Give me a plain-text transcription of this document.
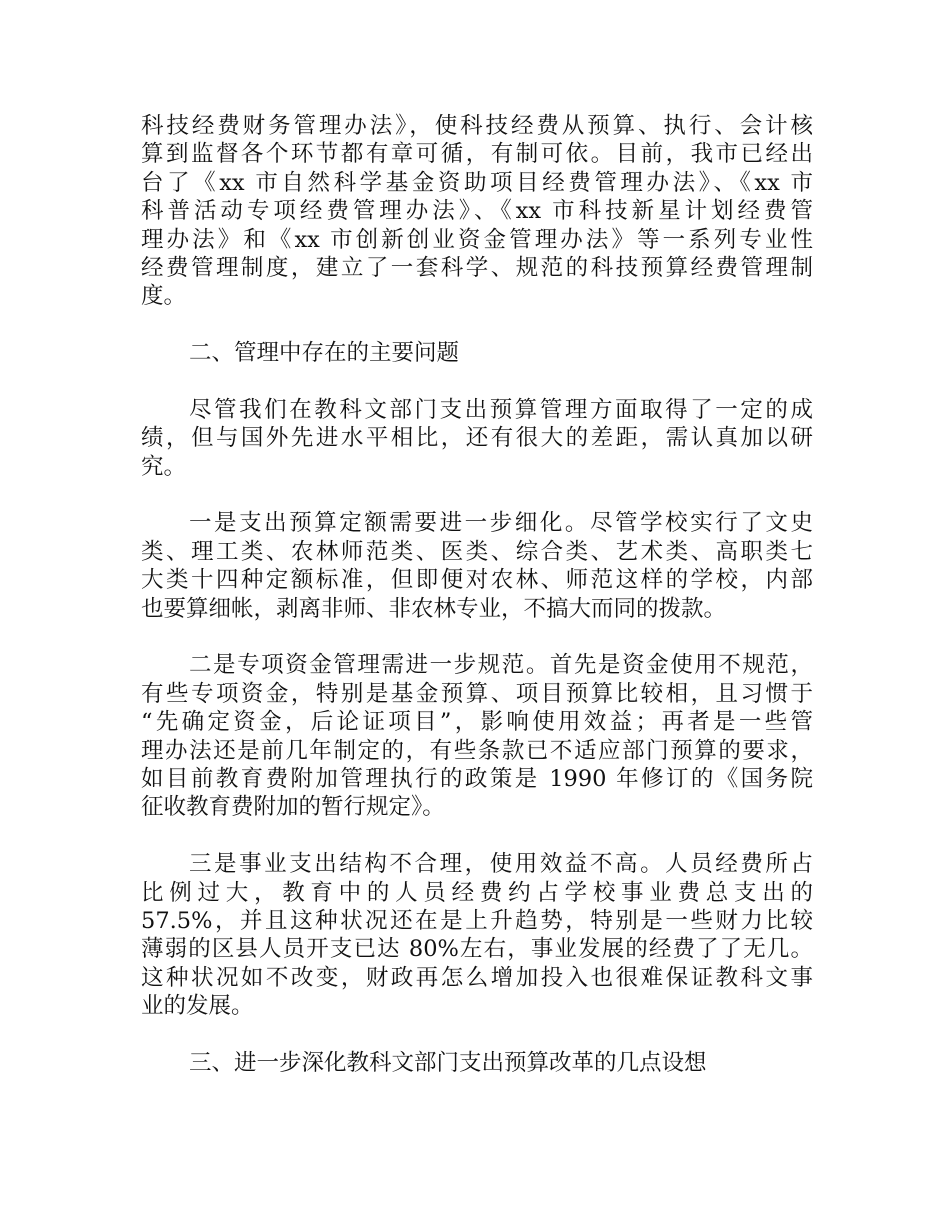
科技经费财务管理办法》，使科技经费从预算、执行、会计核
算到监督各个环节都有章可循，有制可依。目前，我市已经出
台了《xx 市自然科学基金资助项目经费管理办法》、《xx 市
科普活动专项经费管理办法》、《xx 市科技新星计划经费管
理办法》和《xx 市创新创业资金管理办法》等一系列专业性
经费管理制度，建立了一套科学、规范的科技预算经费管理制
度。
二、管理中存在的主要问题
尽管我们在教科文部门支出预算管理方面取得了一定的成
绩，但与国外先进水平相比，还有很大的差距，需认真加以研
究。
一是支出预算定额需要进一步细化。尽管学校实行了文史
类、理工类、农林师范类、医类、综合类、艺术类、高职类七
大类十四种定额标准，但即便对农林、师范这样的学校，内部
也要算细帐，剥离非师、非农林专业，不搞大而同的拨款。
二是专项资金管理需进一步规范。首先是资金使用不规范，
有些专项资金，特别是基金预算、项目预算比较相，且习惯于
“先确定资金，后论证项目”，影响使用效益；再者是一些管
理办法还是前几年制定的，有些条款已不适应部门预算的要求，
如目前教育费附加管理执行的政策是 1990 年修订的《国务院
征收教育费附加的暂行规定》。
三是事业支出结构不合理，使用效益不高。人员经费所占
比例过大，教育中的人员经费约占学校事业费总支出的
57.5%，并且这种状况还在是上升趋势，特别是一些财力比较
薄弱的区县人员开支已达 80%左右，事业发展的经费了了无几。
这种状况如不改变，财政再怎么增加投入也很难保证教科文事
业的发展。
三、进一步深化教科文部门支出预算改革的几点设想
